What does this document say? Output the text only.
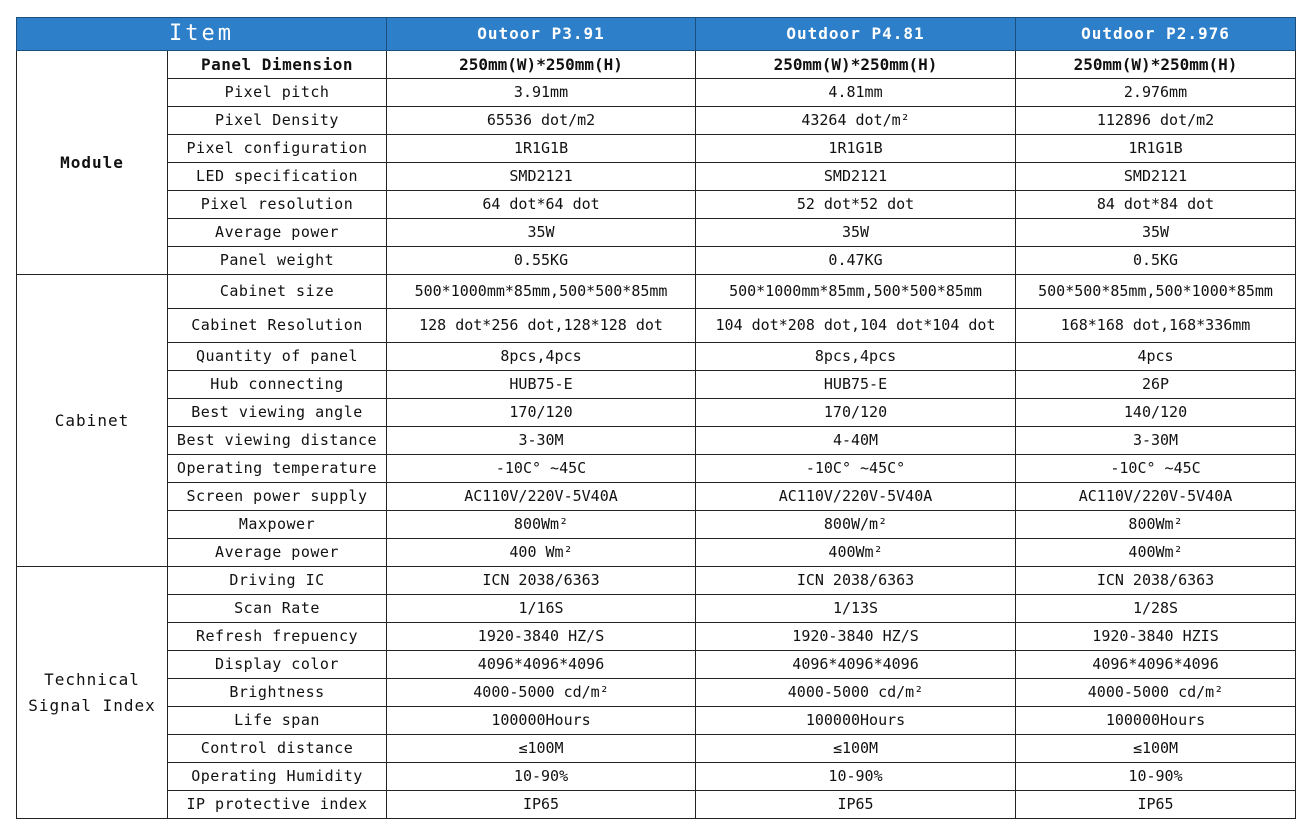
Item		Outoor P3.91	Outdoor P4.81	Outdoor P2.976
Module	Panel Dimension	250mm(W)*250mm(H)	250mm(W)*250mm(H)	250mm(W)*250mm(H)
	Pixel pitch	3.91mm	4.81mm	2.976mm
	Pixel Density	65536 dot/m2	43264 dot/m²	112896 dot/m2
	Pixel configuration	1R1G1B	1R1G1B	1R1G1B
	LED specification	SMD2121	SMD2121	SMD2121
	Pixel resolution	64 dot*64 dot	52 dot*52 dot	84 dot*84 dot
	Average power	35W	35W	35W
	Panel weight	0.55KG	0.47KG	0.5KG
Cabinet	Cabinet size	500*1000mm*85mm,500*500*85mm	500*1000mm*85mm,500*500*85mm	500*500*85mm,500*1000*85mm
	Cabinet Resolution	128 dot*256 dot,128*128 dot	104 dot*208 dot,104 dot*104 dot	168*168 dot,168*336mm
	Quantity of panel	8pcs,4pcs	8pcs,4pcs	4pcs
	Hub connecting	HUB75-E	HUB75-E	26P
	Best viewing angle	170/120	170/120	140/120
	Best viewing distance	3-30M	4-40M	3-30M
	Operating temperature	-10C° ~45C	-10C° ~45C°	-10C° ~45C
	Screen power supply	AC110V/220V-5V40A	AC110V/220V-5V40A	AC110V/220V-5V40A
	Maxpower	800Wm²	800W/m²	800Wm²
	Average power	400 Wm²	400Wm²	400Wm²
Technical Signal Index	Driving IC	ICN 2038/6363	ICN 2038/6363	ICN 2038/6363
	Scan Rate	1/16S	1/13S	1/28S
	Refresh frepuency	1920-3840 HZ/S	1920-3840 HZ/S	1920-3840 HZIS
	Display color	4096*4096*4096	4096*4096*4096	4096*4096*4096
	Brightness	4000-5000 cd/m²	4000-5000 cd/m²	4000-5000 cd/m²
	Life span	100000Hours	100000Hours	100000Hours
	Control distance	≤100M	≤100M	≤100M
	Operating Humidity	10-90%	10-90%	10-90%
	IP protective index	IP65	IP65	IP65
